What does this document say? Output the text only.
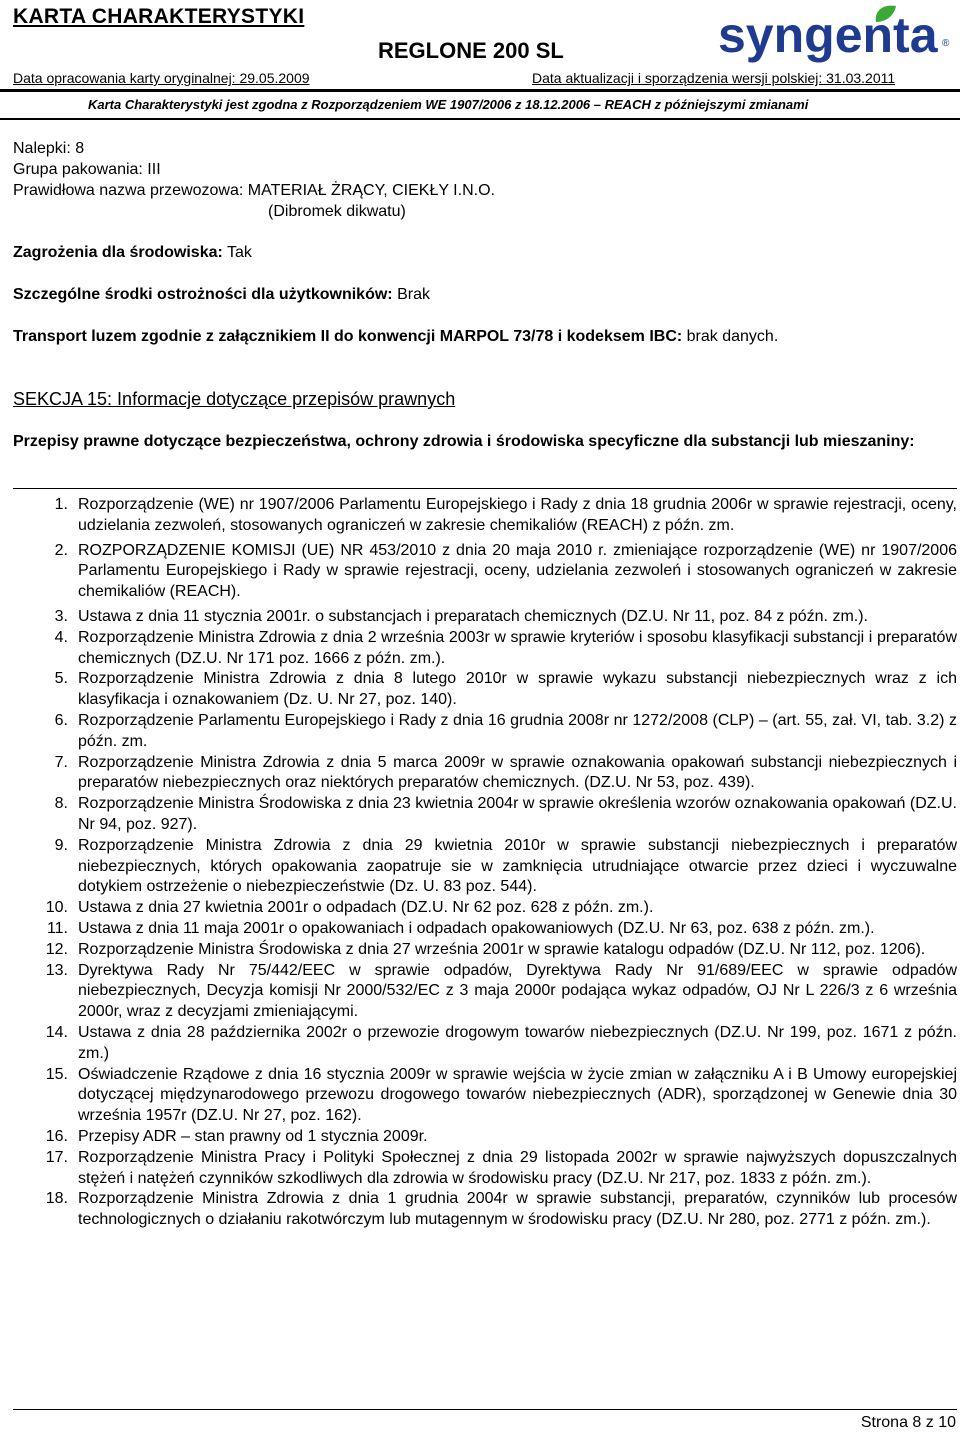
KARTA CHARAKTERYSTYKI
REGLONE 200 SL	syngenta ®
Data opracowania karty oryginalnej: 29.05.2009	Data aktualizacji i sporządzenia wersji polskiej: 31.03.2011
Karta Charakterystyki jest zgodna z Rozporządzeniem WE 1907/2006 z 18.12.2006 – REACH z późniejszymi zmianami
Nalepki: 8
Grupa pakowania: III
Prawidłowa nazwa przewozowa: MATERIAŁ ŻRĄCY, CIEKŁY I.N.O.
(Dibromek dikwatu)
Zagrożenia dla środowiska: Tak
Szczególne środki ostrożności dla użytkowników: Brak
Transport luzem zgodnie z załącznikiem II do konwencji MARPOL 73/78 i kodeksem IBC: brak danych.
SEKCJA 15: Informacje dotyczące przepisów prawnych
Przepisy prawne dotyczące bezpieczeństwa, ochrony zdrowia i środowiska specyficzne dla substancji lub mieszaniny:
1. Rozporządzenie (WE) nr 1907/2006 Parlamentu Europejskiego i Rady z dnia 18 grudnia 2006r w sprawie rejestracji, oceny, udzielania zezwoleń, stosowanych ograniczeń w zakresie chemikaliów (REACH) z późn. zm.
2. ROZPORZĄDZENIE KOMISJI (UE) NR 453/2010 z dnia 20 maja 2010 r. zmieniające rozporządzenie (WE) nr 1907/2006 Parlamentu Europejskiego i Rady w sprawie rejestracji, oceny, udzielania zezwoleń i stosowanych ograniczeń w zakresie chemikaliów (REACH).
3. Ustawa z dnia 11 stycznia 2001r. o substancjach i preparatach chemicznych (DZ.U. Nr 11, poz. 84 z późn. zm.).
4. Rozporządzenie Ministra Zdrowia z dnia 2 września 2003r w sprawie kryteriów i sposobu klasyfikacji substancji i preparatów chemicznych (DZ.U. Nr 171 poz. 1666 z późn. zm.).
5. Rozporządzenie Ministra Zdrowia z dnia 8 lutego 2010r w sprawie wykazu substancji niebezpiecznych wraz z ich klasyfikacja i oznakowaniem (Dz. U. Nr 27, poz. 140).
6. Rozporządzenie Parlamentu Europejskiego i Rady z dnia 16 grudnia 2008r nr 1272/2008 (CLP) – (art. 55, zał. VI, tab. 3.2) z późn. zm.
7. Rozporządzenie Ministra Zdrowia z dnia 5 marca 2009r w sprawie oznakowania opakowań substancji niebezpiecznych i preparatów niebezpiecznych oraz niektórych preparatów chemicznych. (DZ.U. Nr 53, poz. 439).
8. Rozporządzenie Ministra Środowiska z dnia 23 kwietnia 2004r w sprawie określenia wzorów oznakowania opakowań (DZ.U. Nr 94, poz. 927).
9. Rozporządzenie Ministra Zdrowia z dnia 29 kwietnia 2010r w sprawie substancji niebezpiecznych i preparatów niebezpiecznych, których opakowania zaopatruje sie w zamknięcia utrudniające otwarcie przez dzieci i wyczuwalne dotykiem ostrzeżenie o niebezpieczeństwie (Dz. U. 83 poz. 544).
10. Ustawa z dnia 27 kwietnia 2001r o odpadach (DZ.U. Nr 62 poz. 628 z późn. zm.).
11. Ustawa z dnia 11 maja 2001r o opakowaniach i odpadach opakowaniowych (DZ.U. Nr 63, poz. 638 z późn. zm.).
12. Rozporządzenie Ministra Środowiska z dnia 27 września 2001r w sprawie katalogu odpadów (DZ.U. Nr 112, poz. 1206).
13. Dyrektywa Rady Nr 75/442/EEC w sprawie odpadów, Dyrektywa Rady Nr 91/689/EEC w sprawie odpadów niebezpiecznych, Decyzja komisji Nr 2000/532/EC z 3 maja 2000r podająca wykaz odpadów, OJ Nr L 226/3 z 6 września 2000r, wraz z decyzjami zmieniającymi.
14. Ustawa z dnia 28 października 2002r o przewozie drogowym towarów niebezpiecznych (DZ.U. Nr 199, poz. 1671 z późn. zm.)
15. Oświadczenie Rządowe z dnia 16 stycznia 2009r w sprawie wejścia w życie zmian w załączniku A i B Umowy europejskiej dotyczącej międzynarodowego przewozu drogowego towarów niebezpiecznych (ADR), sporządzonej w Genewie dnia 30 września 1957r (DZ.U. Nr 27, poz. 162).
16. Przepisy ADR – stan prawny od 1 stycznia 2009r.
17. Rozporządzenie Ministra Pracy i Polityki Społecznej z dnia 29 listopada 2002r w sprawie najwyższych dopuszczalnych stężeń i natężeń czynników szkodliwych dla zdrowia w środowisku pracy (DZ.U. Nr 217, poz. 1833 z późn. zm.).
18. Rozporządzenie Ministra Zdrowia z dnia 1 grudnia 2004r w sprawie substancji, preparatów, czynników lub procesów technologicznych o działaniu rakotwórczym lub mutagennym w środowisku pracy (DZ.U. Nr 280, poz. 2771 z późn. zm.).
Strona 8 z 10
